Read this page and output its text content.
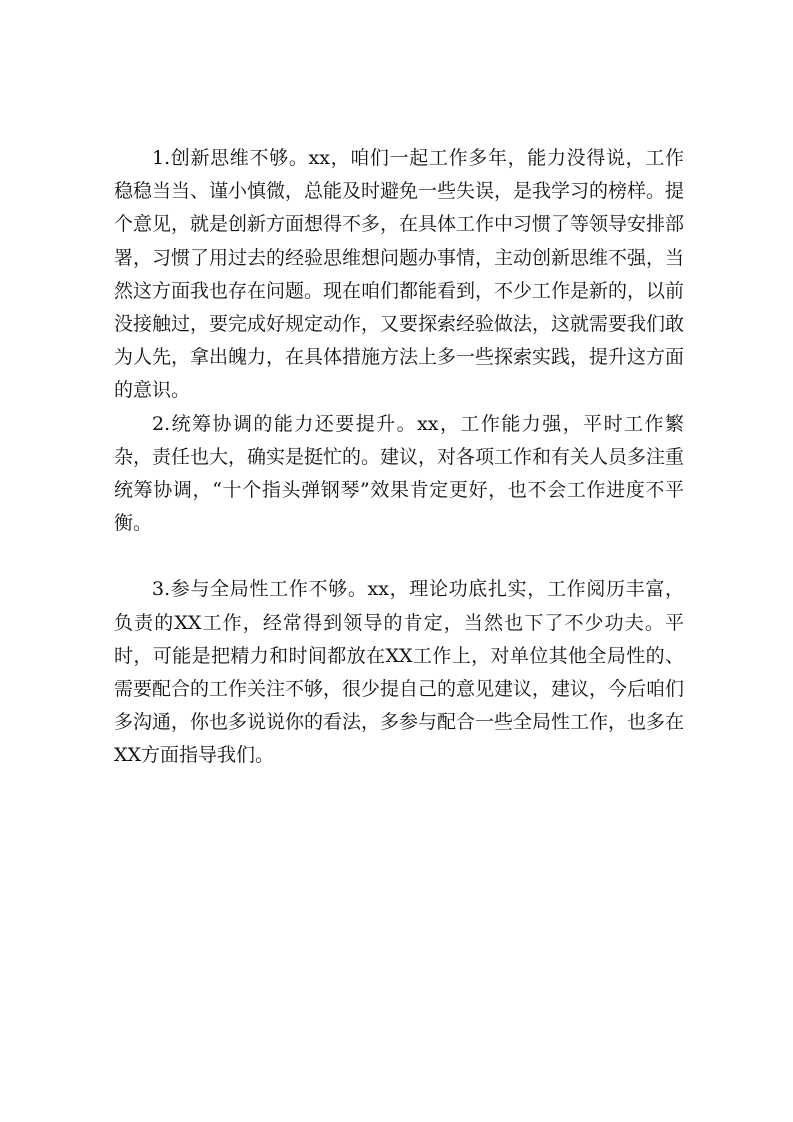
1.创新思维不够。xx，咱们一起工作多年，能力没得说，工作稳稳当当、谨小慎微，总能及时避免一些失误，是我学习的榜样。提个意见，就是创新方面想得不多，在具体工作中习惯了等领导安排部署，习惯了用过去的经验思维想问题办事情，主动创新思维不强，当然这方面我也存在问题。现在咱们都能看到，不少工作是新的，以前没接触过，要完成好规定动作，又要探索经验做法，这就需要我们敢为人先，拿出魄力，在具体措施方法上多一些探索实践，提升这方面的意识。

2.统筹协调的能力还要提升。xx，工作能力强，平时工作繁杂，责任也大，确实是挺忙的。建议，对各项工作和有关人员多注重统筹协调，“十个指头弹钢琴”效果肯定更好，也不会工作进度不平衡。

3.参与全局性工作不够。xx，理论功底扎实，工作阅历丰富，负责的XX工作，经常得到领导的肯定，当然也下了不少功夫。平时，可能是把精力和时间都放在XX工作上，对单位其他全局性的、需要配合的工作关注不够，很少提自己的意见建议，建议，今后咱们多沟通，你也多说说你的看法，多参与配合一些全局性工作，也多在XX方面指导我们。
